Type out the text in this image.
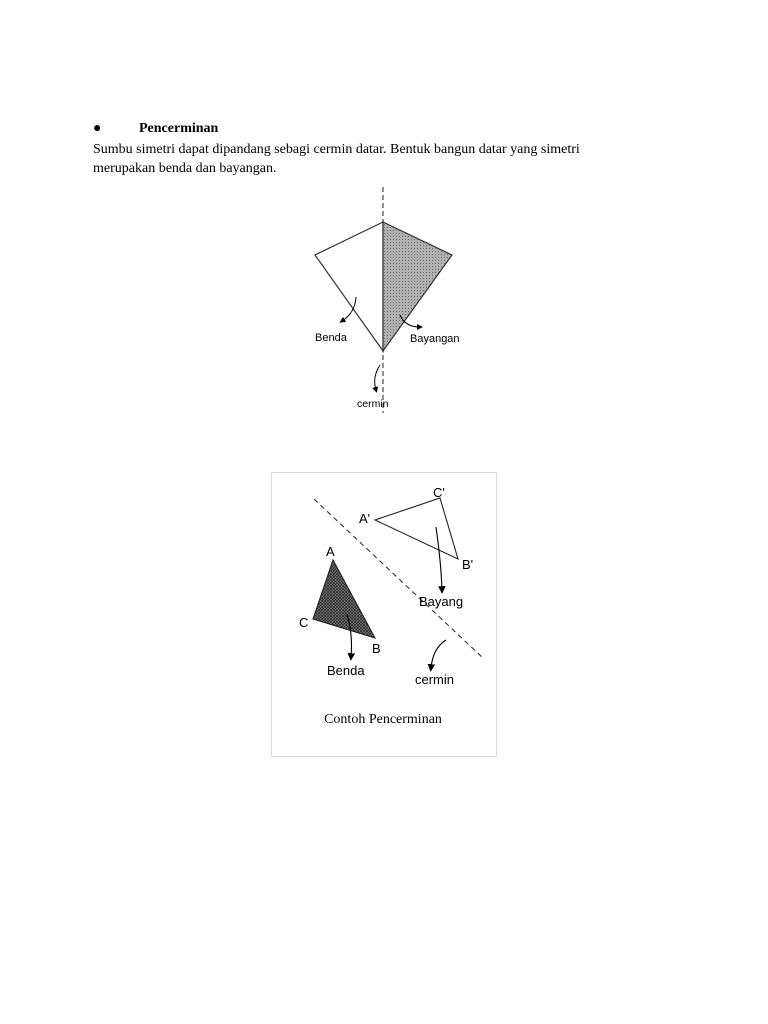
●	Pencerminan
Sumbu simetri dapat dipandang sebagi cermin datar. Bentuk bangun datar yang simetri
merupakan benda dan bayangan.
Benda	Bayangan
cermin
A
B
C
A'
B'
C'
Benda
Bayang
cermin
Contoh Pencerminan
